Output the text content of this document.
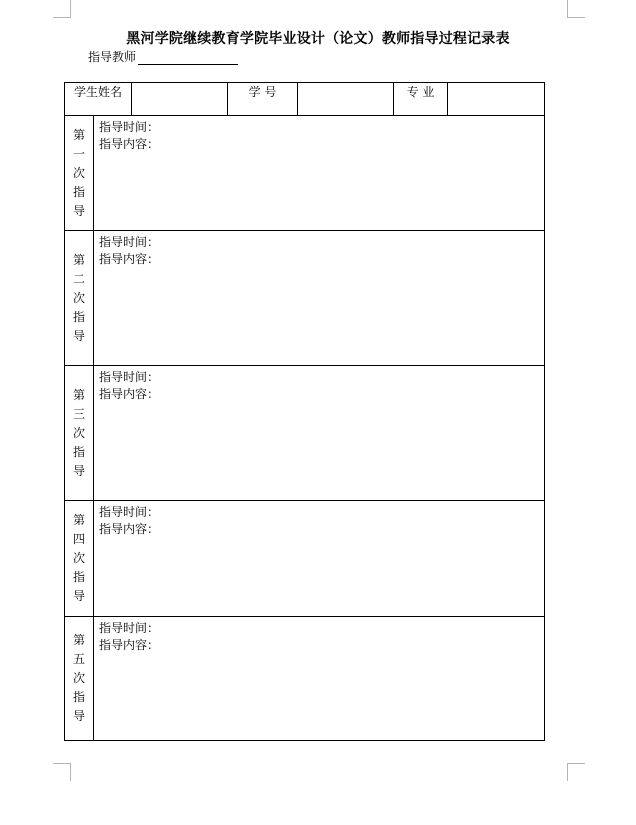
黑河学院继续教育学院毕业设计（论文）教师指导过程记录表
指导教师
学生姓名			学 号		专 业	

第
一
次
指
导	指导时间：
指导内容：					

第
二
次
指
导	指导时间：
指导内容：					

第
三
次
指
导	指导时间：
指导内容：					

第
四
次
指
导	指导时间：
指导内容：					

第
五
次
指
导	指导时间：
指导内容：					
